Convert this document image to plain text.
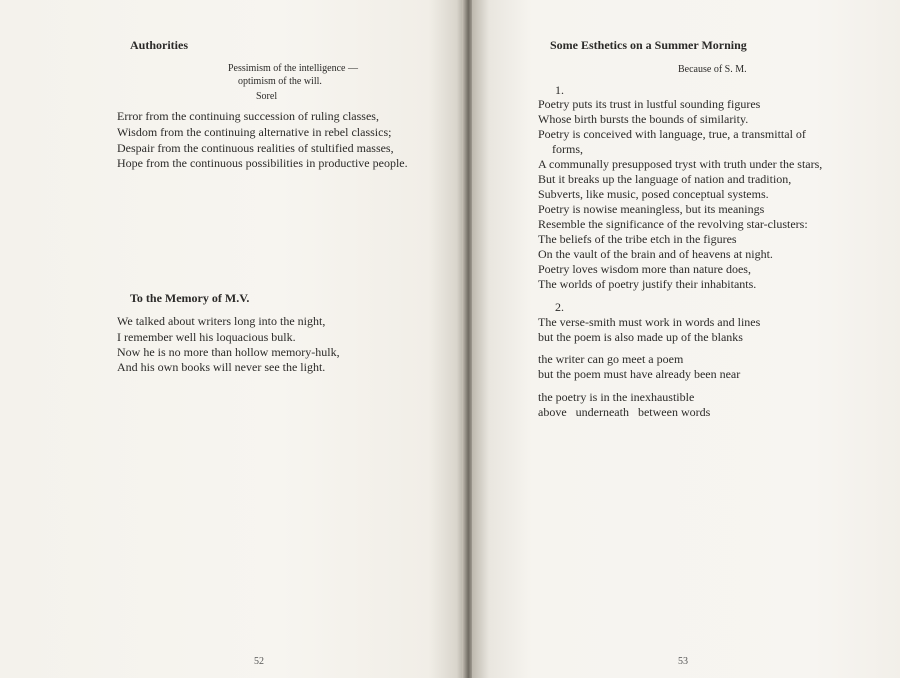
Authorities
Pessimism of the intelligence —
optimism of the will.
Sorel
Error from the continuing succession of ruling classes,
Wisdom from the continuing alternative in rebel classics;
Despair from the continuous realities of stultified masses,
Hope from the continuous possibilities in productive people.
To the Memory of M.V.
We talked about writers long into the night,
I remember well his loquacious bulk.
Now he is no more than hollow memory-hulk,
And his own books will never see the light.
52
Some Esthetics on a Summer Morning
Because of S. M.
1.
Poetry puts its trust in lustful sounding figures
Whose birth bursts the bounds of similarity.
Poetry is conceived with language, true, a transmittal of
forms,
A communally presupposed tryst with truth under the stars,
But it breaks up the language of nation and tradition,
Subverts, like music, posed conceptual systems.
Poetry is nowise meaningless, but its meanings
Resemble the significance of the revolving star-clusters:
The beliefs of the tribe etch in the figures
On the vault of the brain and of heavens at night.
Poetry loves wisdom more than nature does,
The worlds of poetry justify their inhabitants.
2.
The verse-smith must work in words and lines
but the poem is also made up of the blanks
the writer can go meet a poem
but the poem must have already been near
the poetry is in the inexhaustible
above   underneath   between words
53
